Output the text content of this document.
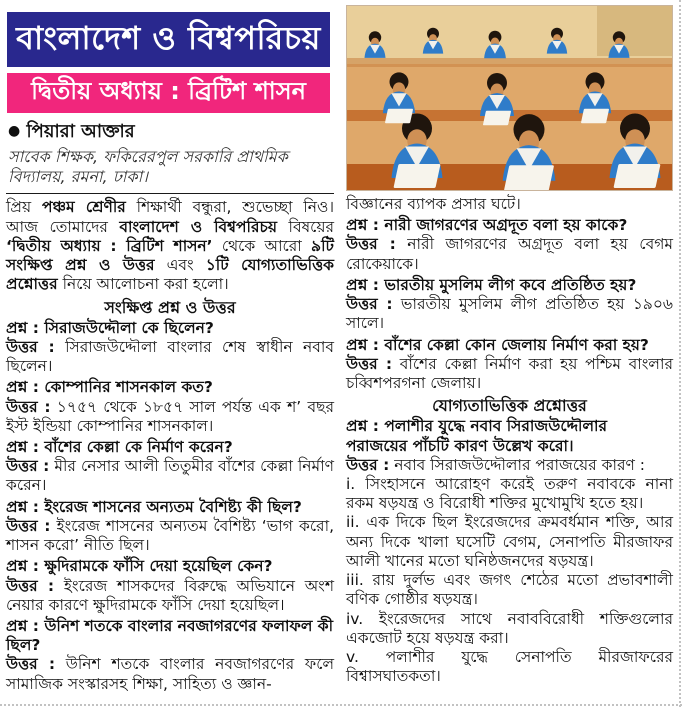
বাংলাদেশ ও বিশ্বপরিচয়
দ্বিতীয় অধ্যায় : ব্রিটিশ শাসন
● পিয়ারা আক্তার
সাবেক শিক্ষক, ফকিরেরপুল সরকারি প্রাথমিক বিদ্যালয়, রমনা, ঢাকা।

প্রিয় পঞ্চম শ্রেণীর শিক্ষার্থী বন্ধুরা, শুভেচ্ছা নিও। আজ তোমাদের বাংলাদেশ ও বিশ্বপরিচয় বিষয়ের ‘দ্বিতীয় অধ্যায় : ব্রিটিশ শাসন’ থেকে আরো ৯টি সংক্ষিপ্ত প্রশ্ন ও উত্তর এবং ১টি যোগ্যতাভিত্তিক প্রশ্নোত্তর নিয়ে আলোচনা করা হলো।

সংক্ষিপ্ত প্রশ্ন ও উত্তর

প্রশ্ন : সিরাজউদ্দৌলা কে ছিলেন?

উত্তর : সিরাজউদ্দৌলা বাংলার শেষ স্বাধীন নবাব ছিলেন।

প্রশ্ন : কোম্পানির শাসনকাল কত?

উত্তর : ১৭৫৭ থেকে ১৮৫৭ সাল পর্যন্ত এক শ’ বছর ইস্ট ইন্ডিয়া কোম্পানির শাসনকাল।

প্রশ্ন : বাঁশের কেল্লা কে নির্মাণ করেন?

উত্তর : মীর নেসার আলী তিতুমীর বাঁশের কেল্লা নির্মাণ করেন।

প্রশ্ন : ইংরেজ শাসনের অন্যতম বৈশিষ্ট্য কী ছিল?

উত্তর : ইংরেজ শাসনের অন্যতম বৈশিষ্ট্য ‘ভাগ করো, শাসন করো’ নীতি ছিল।

প্রশ্ন : ক্ষুদিরামকে ফাঁসি দেয়া হয়েছিল কেন?

উত্তর : ইংরেজ শাসকদের বিরুদ্ধে অভিযানে অংশ নেয়ার কারণে ক্ষুদিরামকে ফাঁসি দেয়া হয়েছিল।

প্রশ্ন : উনিশ শতকে বাংলার নবজাগরণের ফলাফল কী ছিল?

উত্তর : উনিশ শতকে বাংলার নবজাগরণের ফলে সামাজিক সংস্কারসহ শিক্ষা, সাহিত্য ও জ্ঞান-

বিজ্ঞানের ব্যাপক প্রসার ঘটে।

প্রশ্ন : নারী জাগরণের অগ্রদূত বলা হয় কাকে?

উত্তর : নারী জাগরণের অগ্রদূত বলা হয় বেগম রোকেয়াকে।

প্রশ্ন : ভারতীয় মুসলিম লীগ কবে প্রতিষ্ঠিত হয়?

উত্তর : ভারতীয় মুসলিম লীগ প্রতিষ্ঠিত হয় ১৯০৬ সালে।

প্রশ্ন : বাঁশের কেল্লা কোন জেলায় নির্মাণ করা হয়?

উত্তর : বাঁশের কেল্লা নির্মাণ করা হয় পশ্চিম বাংলার চব্বিশপরগনা জেলায়।

যোগ্যতাভিত্তিক প্রশ্নোত্তর

প্রশ্ন : পলাশীর যুদ্ধে নবাব সিরাজউদ্দৌলার পরাজয়ের পাঁচটি কারণ উল্লেখ করো।

উত্তর : নবাব সিরাজউদ্দৌলার পরাজয়ের কারণ :

i. সিংহাসনে আরোহণ করেই তরুণ নবাবকে নানা রকম ষড়যন্ত্র ও বিরোধী শক্তির মুখোমুখি হতে হয়।

ii. এক দিকে ছিল ইংরেজদের ক্রমবর্ধমান শক্তি, আর অন্য দিকে খালা ঘসেটি বেগম, সেনাপতি মীরজাফর আলী খানের মতো ঘনিষ্ঠজনদের ষড়যন্ত্র।

iii. রায় দুর্লভ এবং জগৎ শেঠের মতো প্রভাবশালী বণিক গোষ্ঠীর ষড়যন্ত্র।

iv. ইংরেজদের সাথে নবাববিরোধী শক্তিগুলোর একজোট হয়ে ষড়যন্ত্র করা।

v. পলাশীর যুদ্ধে সেনাপতি মীরজাফরের বিশ্বাসঘাতকতা।
